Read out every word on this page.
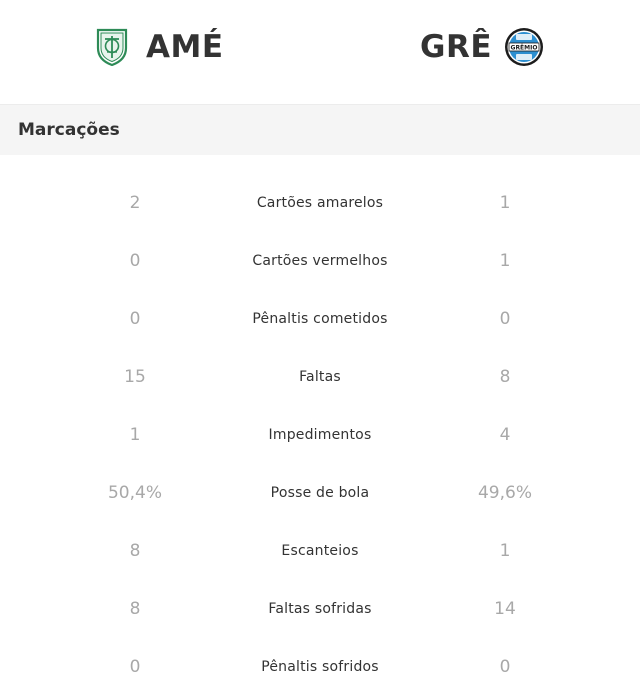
AMÉ	GRÊ	GRÊMIO
Marcações
2	Cartões amarelos	1
0	Cartões vermelhos	1
0	Pênaltis cometidos	0
15	Faltas	8
1	Impedimentos	4
50,4%	Posse de bola	49,6%
8	Escanteios	1
8	Faltas sofridas	14
0	Pênaltis sofridos	0
